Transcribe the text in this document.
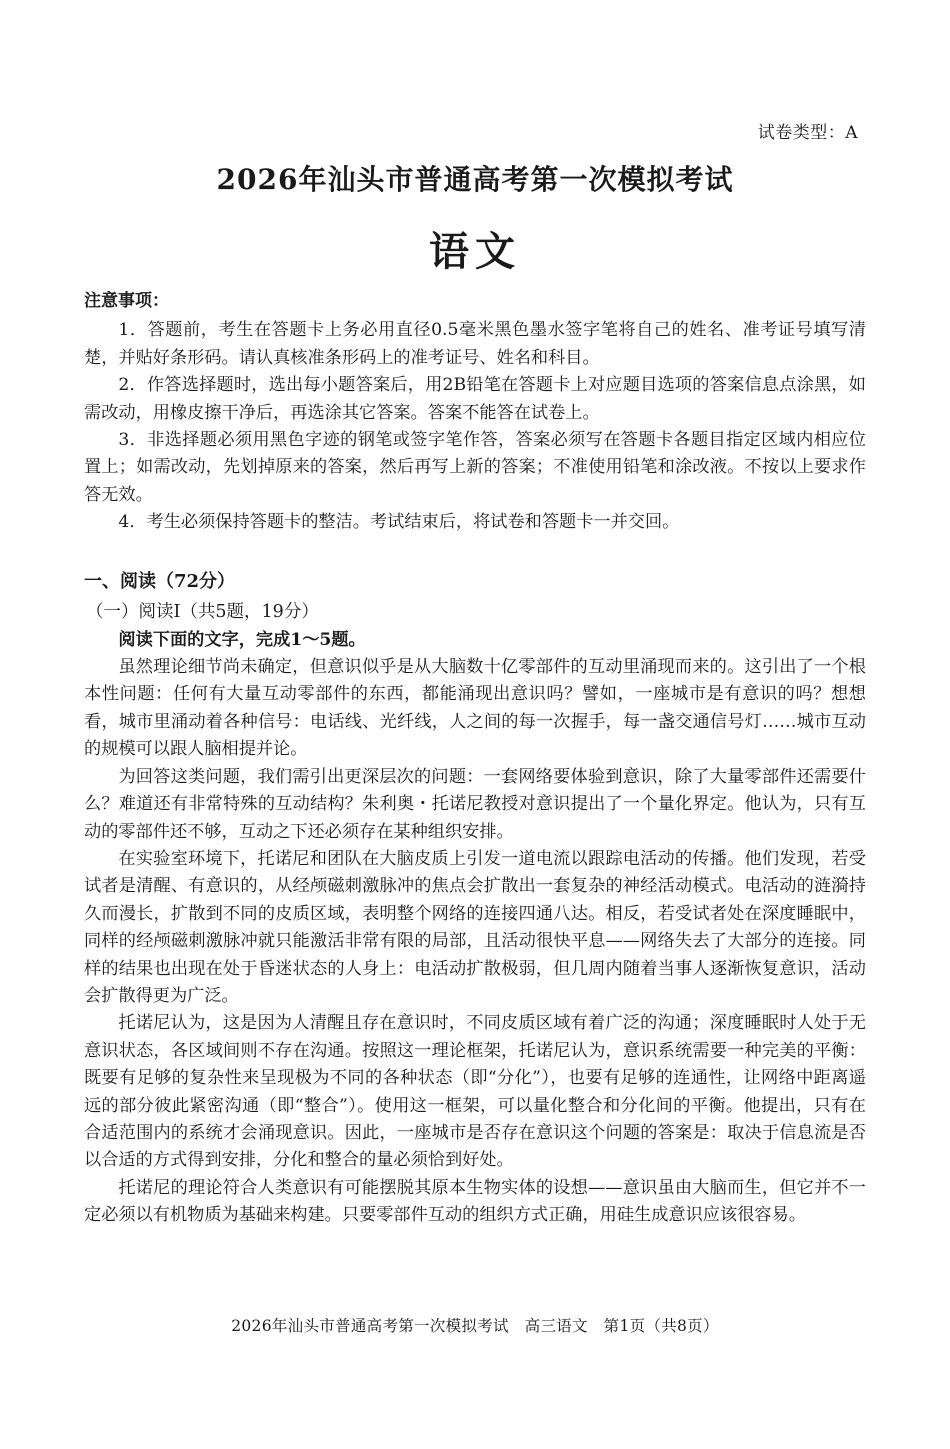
试卷类型：A
2026年汕头市普通高考第一次模拟考试
语文
注意事项：

1．答题前，考生在答题卡上务必用直径0.5毫米黑色墨水签字笔将自己的姓名、准考证号填写清楚，并贴好条形码。请认真核准条形码上的准考证号、姓名和科目。

2．作答选择题时，选出每小题答案后，用2B铅笔在答题卡上对应题目选项的答案信息点涂黑，如需改动，用橡皮擦干净后，再选涂其它答案。答案不能答在试卷上。

3．非选择题必须用黑色字迹的钢笔或签字笔作答，答案必须写在答题卡各题目指定区域内相应位置上；如需改动，先划掉原来的答案，然后再写上新的答案；不准使用铅笔和涂改液。不按以上要求作答无效。

4．考生必须保持答题卡的整洁。考试结束后，将试卷和答题卡一并交回。

一、阅读（72分）
（一）阅读Ⅰ（共5题，19分）

阅读下面的文字，完成1～5题。

虽然理论细节尚未确定，但意识似乎是从大脑数十亿零部件的互动里涌现而来的。这引出了一个根本性问题：任何有大量互动零部件的东西，都能涌现出意识吗？譬如，一座城市是有意识的吗？想想看，城市里涌动着各种信号：电话线、光纤线，人之间的每一次握手，每一盏交通信号灯……城市互动的规模可以跟人脑相提并论。

为回答这类问题，我们需引出更深层次的问题：一套网络要体验到意识，除了大量零部件还需要什么？难道还有非常特殊的互动结构？朱利奥・托诺尼教授对意识提出了一个量化界定。他认为，只有互动的零部件还不够，互动之下还必须存在某种组织安排。

在实验室环境下，托诺尼和团队在大脑皮质上引发一道电流以跟踪电活动的传播。他们发现，若受试者是清醒、有意识的，从经颅磁刺激脉冲的焦点会扩散出一套复杂的神经活动模式。电活动的涟漪持久而漫长，扩散到不同的皮质区域，表明整个网络的连接四通八达。相反，若受试者处在深度睡眠中，同样的经颅磁刺激脉冲就只能激活非常有限的局部，且活动很快平息——网络失去了大部分的连接。同样的结果也出现在处于昏迷状态的人身上：电活动扩散极弱，但几周内随着当事人逐渐恢复意识，活动会扩散得更为广泛。

托诺尼认为，这是因为人清醒且存在意识时，不同皮质区域有着广泛的沟通；深度睡眠时人处于无意识状态，各区域间则不存在沟通。按照这一理论框架，托诺尼认为，意识系统需要一种完美的平衡：既要有足够的复杂性来呈现极为不同的各种状态（即“分化”），也要有足够的连通性，让网络中距离遥远的部分彼此紧密沟通（即“整合”）。使用这一框架，可以量化整合和分化间的平衡。他提出，只有在合适范围内的系统才会涌现意识。因此，一座城市是否存在意识这个问题的答案是：取决于信息流是否以合适的方式得到安排，分化和整合的量必须恰到好处。

托诺尼的理论符合人类意识有可能摆脱其原本生物实体的设想——意识虽由大脑而生，但它并不一定必须以有机物质为基础来构建。只要零部件互动的组织方式正确，用硅生成意识应该很容易。

2026年汕头市普通高考第一次模拟考试　高三语文　第1页（共8页）
